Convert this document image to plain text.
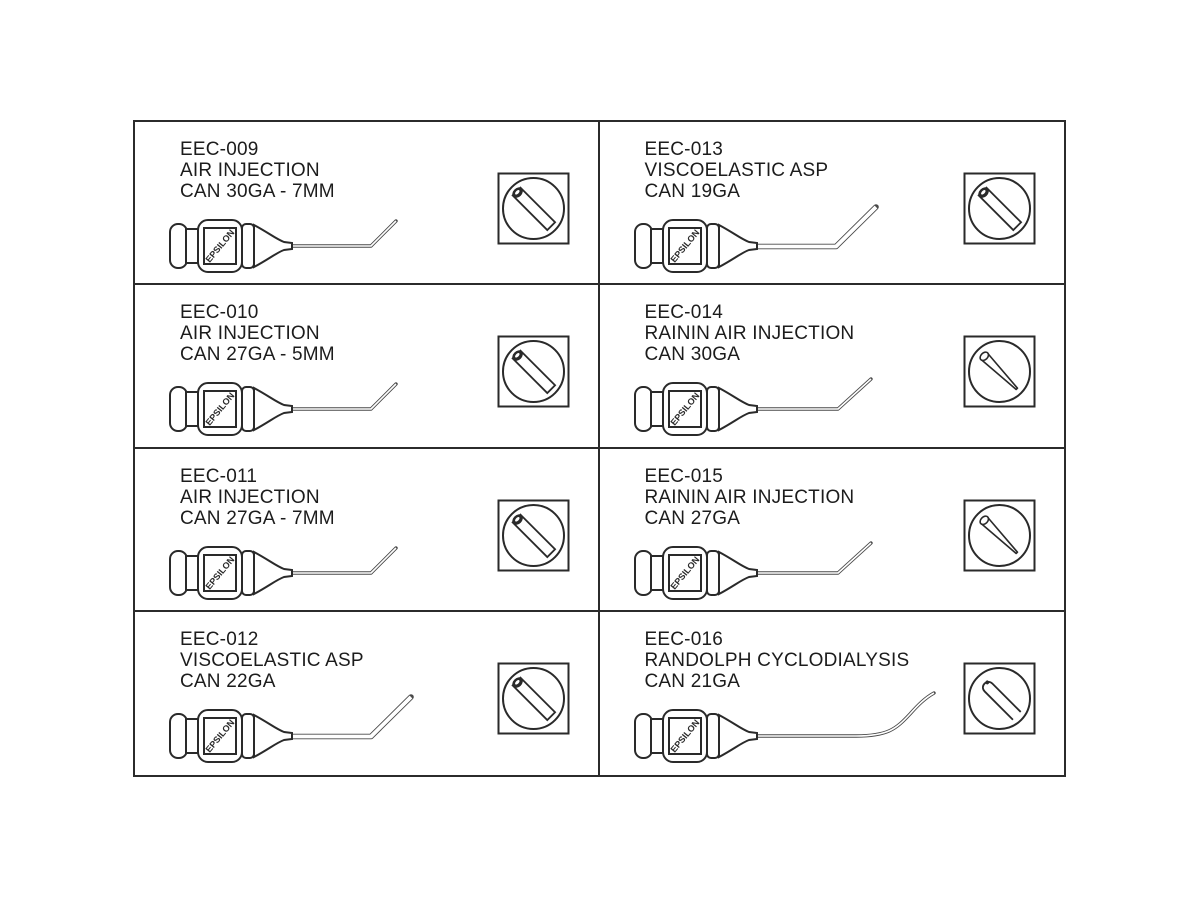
EEC-009
AIR INJECTION
CAN 30GA - 7MM
EPSILON
EEC-013
VISCOELASTIC ASP
CAN 19GA
EPSILON
EEC-010
AIR INJECTION
CAN 27GA - 5MM
EPSILON
EEC-014
RAININ AIR INJECTION
CAN 30GA
EPSILON
EEC-011
AIR INJECTION
CAN 27GA - 7MM
EPSILON
EEC-015
RAININ AIR INJECTION
CAN 27GA
EPSILON
EEC-012
VISCOELASTIC ASP
CAN 22GA
EPSILON
EEC-016
RANDOLPH CYCLODIALYSIS
CAN 21GA
EPSILON
